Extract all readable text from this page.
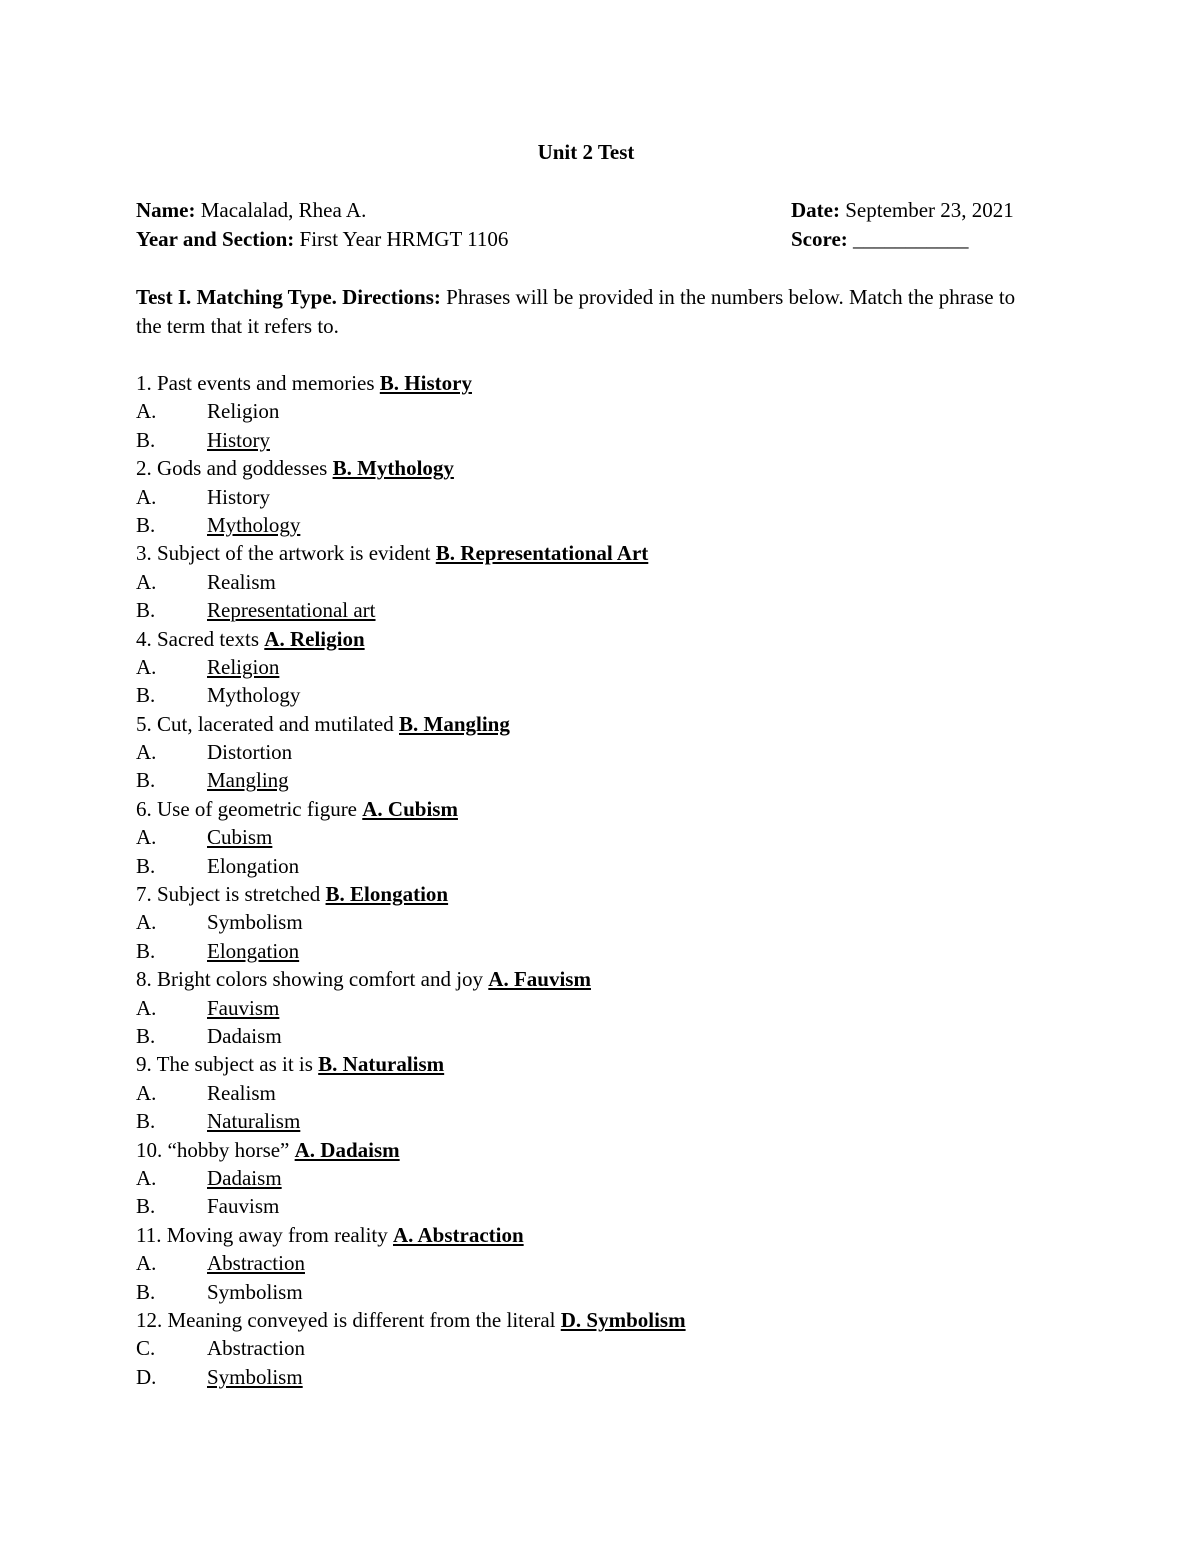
Unit 2 Test
Name: Macalalad, Rhea A.	Date: September 23, 2021
Year and Section: First Year HRMGT 1106	Score: ___________
Test I. Matching Type. Directions: Phrases will be provided in the numbers below. Match the phrase to the term that it refers to.
1. Past events and memories B. History
A. Religion
B. History
2. Gods and goddesses B. Mythology
A. History
B. Mythology
3. Subject of the artwork is evident B. Representational Art
A. Realism
B. Representational art
4. Sacred texts A. Religion
A. Religion
B. Mythology
5. Cut, lacerated and mutilated B. Mangling
A. Distortion
B. Mangling
6. Use of geometric figure A. Cubism
A. Cubism
B. Elongation
7. Subject is stretched B. Elongation
A. Symbolism
B. Elongation
8. Bright colors showing comfort and joy A. Fauvism
A. Fauvism
B. Dadaism
9. The subject as it is B. Naturalism
A. Realism
B. Naturalism
10. “hobby horse” A. Dadaism
A. Dadaism
B. Fauvism
11. Moving away from reality A. Abstraction
A. Abstraction
B. Symbolism
12. Meaning conveyed is different from the literal D. Symbolism
C. Abstraction
D. Symbolism
